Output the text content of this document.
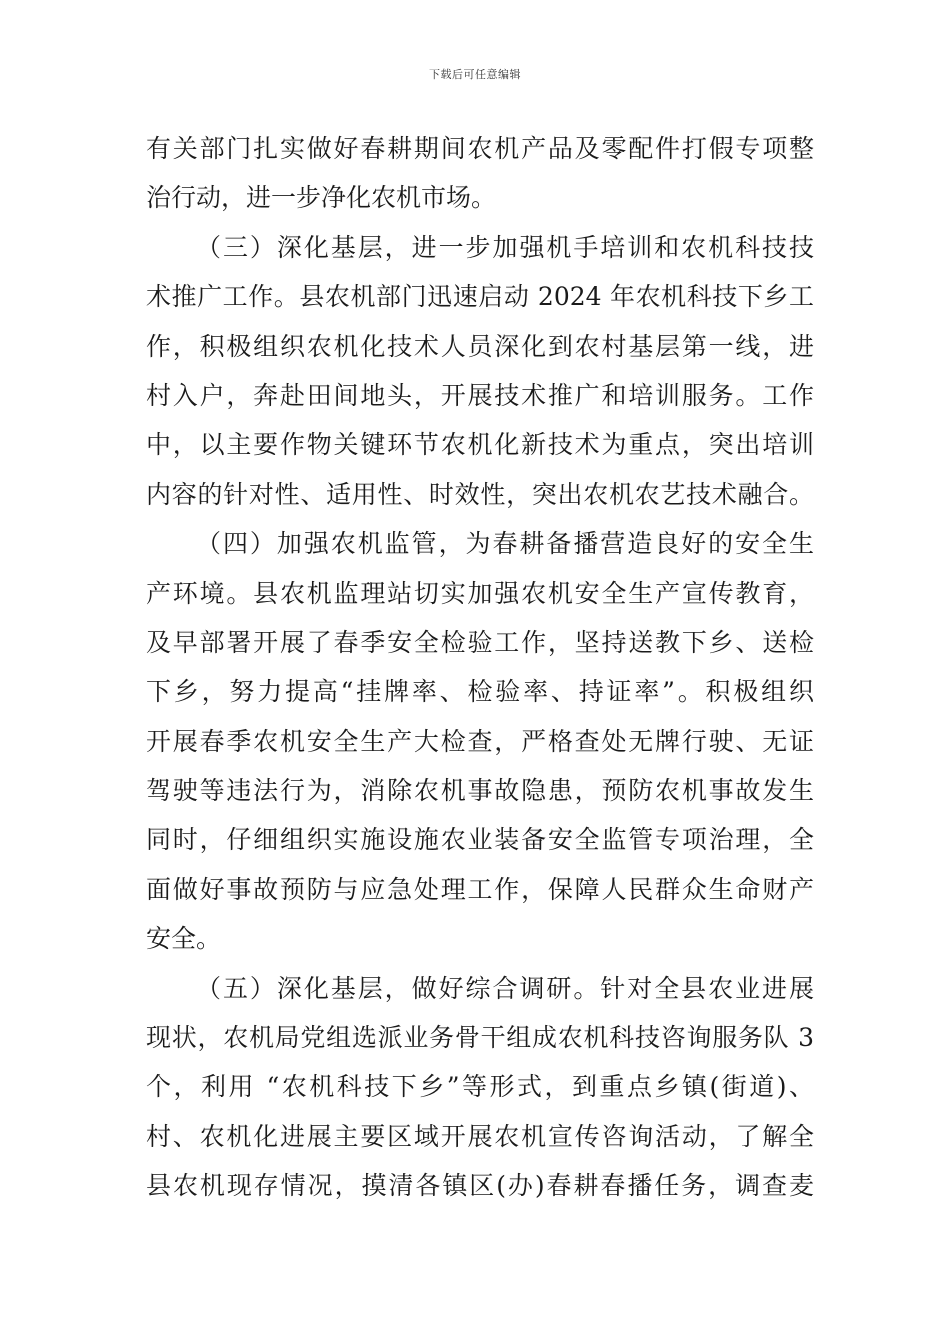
下载后可任意编辑
有关部门扎实做好春耕期间农机产品及零配件打假专项整
治行动，进一步净化农机市场。
（三）深化基层，进一步加强机手培训和农机科技技
术推广工作。县农机部门迅速启动 2024 年农机科技下乡工
作，积极组织农机化技术人员深化到农村基层第一线，进
村入户，奔赴田间地头，开展技术推广和培训服务。工作
中，以主要作物关键环节农机化新技术为重点，突出培训
内容的针对性、适用性、时效性，突出农机农艺技术融合。
（四）加强农机监管，为春耕备播营造良好的安全生
产环境。县农机监理站切实加强农机安全生产宣传教育，
及早部署开展了春季安全检验工作，坚持送教下乡、送检
下乡，努力提高“挂牌率、检验率、持证率”。积极组织
开展春季农机安全生产大检查，严格查处无牌行驶、无证
驾驶等违法行为，消除农机事故隐患，预防农机事故发生
同时，仔细组织实施设施农业装备安全监管专项治理，全
面做好事故预防与应急处理工作，保障人民群众生命财产
安全。
（五）深化基层，做好综合调研。针对全县农业进展
现状，农机局党组选派业务骨干组成农机科技咨询服务队 3
个，利用 “农机科技下乡”等形式，到重点乡镇(街道)、
村、农机化进展主要区域开展农机宣传咨询活动，了解全
县农机现存情况，摸清各镇区(办)春耕春播任务，调查麦
